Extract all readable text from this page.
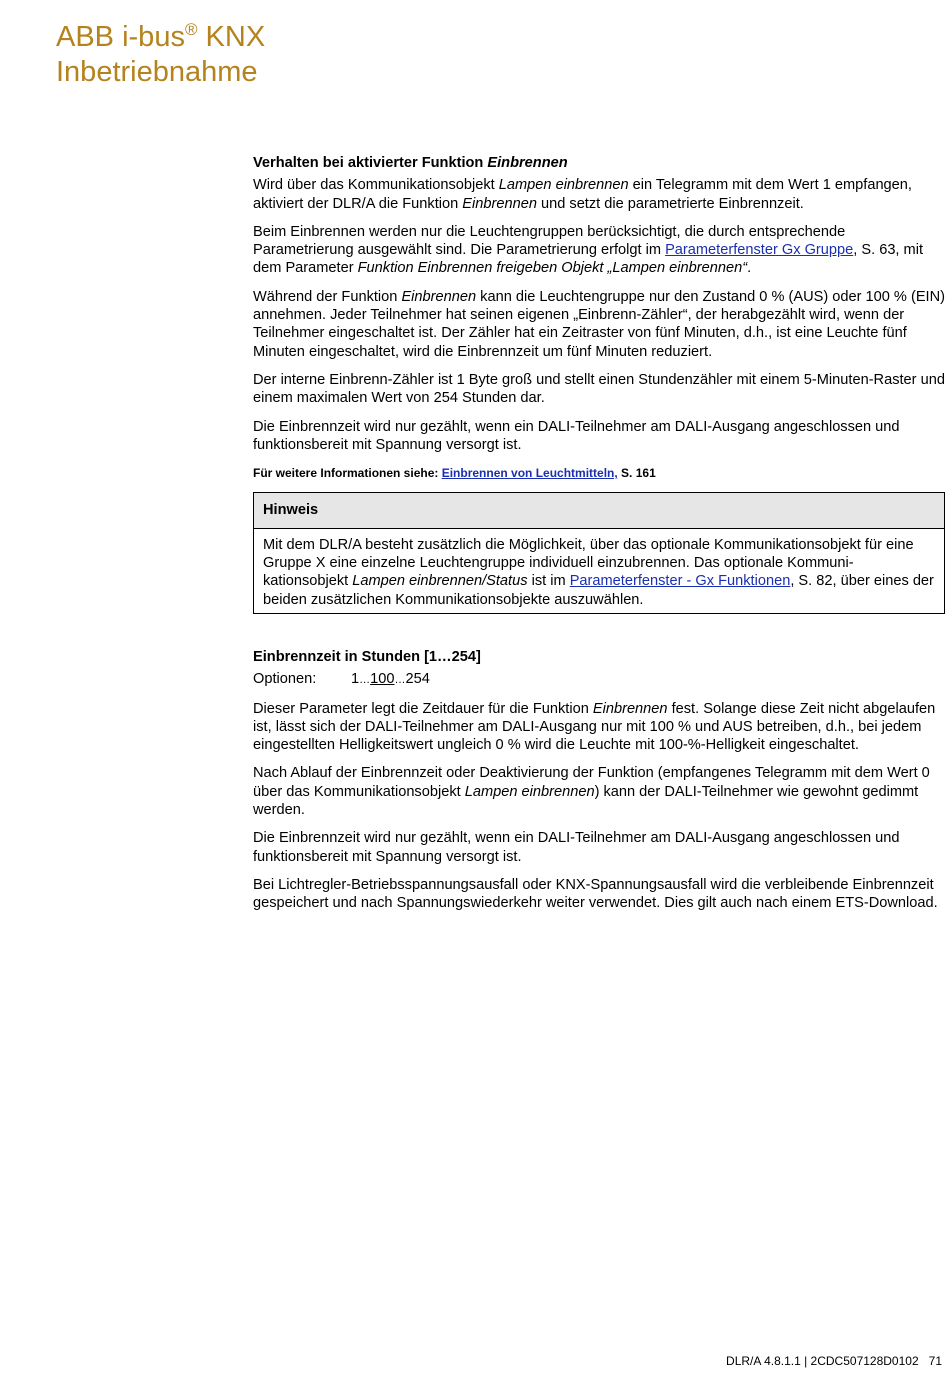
ABB i-bus® KNX
Inbetriebnahme
Verhalten bei aktivierter Funktion Einbrennen

Wird über das Kommunikationsobjekt Lampen einbrennen ein Telegramm mit dem Wert 1 empfangen, aktiviert der DLR/A die Funktion Einbrennen und setzt die parametrierte Einbrennzeit.

Beim Einbrennen werden nur die Leuchtengruppen berücksichtigt, die durch entsprechende Parametrierung ausgewählt sind. Die Parametrierung erfolgt im Parameterfenster Gx Gruppe, S. 63, mit dem Parameter Funktion Einbrennen freigeben Objekt „Lampen einbrennen“.

Während der Funktion Einbrennen kann die Leuchtengruppe nur den Zustand 0 % (AUS) oder 100 % (EIN) annehmen. Jeder Teilnehmer hat seinen eigenen „Einbrenn-Zähler“, der herabgezählt wird, wenn der Teilnehmer eingeschaltet ist. Der Zähler hat ein Zeitraster von fünf Minuten, d.h., ist eine Leuchte fünf Minuten eingeschaltet, wird die Einbrennzeit um fünf Minuten reduziert.

Der interne Einbrenn-Zähler ist 1 Byte groß und stellt einen Stundenzähler mit einem 5-Minuten-Raster und einem maximalen Wert von 254 Stunden dar.

Die Einbrennzeit wird nur gezählt, wenn ein DALI-Teilnehmer am DALI-Ausgang angeschlossen und funktionsbereit mit Spannung versorgt ist.

Für weitere Informationen siehe: Einbrennen von Leuchtmitteln, S. 161

Hinweis

Mit dem DLR/A besteht zusätzlich die Möglichkeit, über das optionale Kommunikationsobjekt für eine Gruppe X eine einzelne Leuchtengruppe individuell einzubrennen. Das optionale Kommuni-kationsobjekt Lampen einbrennen/Status ist im Parameterfenster - Gx Funktionen, S. 82, über eines der beiden zusätzlichen Kommunikationsobjekte auszuwählen.

Einbrennzeit in Stunden [1…254]
Optionen: 1…100…254

Dieser Parameter legt die Zeitdauer für die Funktion Einbrennen fest. Solange diese Zeit nicht abgelaufen ist, lässt sich der DALI-Teilnehmer am DALI-Ausgang nur mit 100 % und AUS betreiben, d.h., bei jedem eingestellten Helligkeitswert ungleich 0 % wird die Leuchte mit 100-%-Helligkeit eingeschaltet.

Nach Ablauf der Einbrennzeit oder Deaktivierung der Funktion (empfangenes Telegramm mit dem Wert 0 über das Kommunikationsobjekt Lampen einbrennen) kann der DALI-Teilnehmer wie gewohnt gedimmt werden.

Die Einbrennzeit wird nur gezählt, wenn ein DALI-Teilnehmer am DALI-Ausgang angeschlossen und funktionsbereit mit Spannung versorgt ist.

Bei Lichtregler-Betriebsspannungsausfall oder KNX-Spannungsausfall wird die verbleibende Einbrennzeit gespeichert und nach Spannungswiederkehr weiter verwendet. Dies gilt auch nach einem ETS-Download.

DLR/A 4.8.1.1 | 2CDC507128D0102 71
